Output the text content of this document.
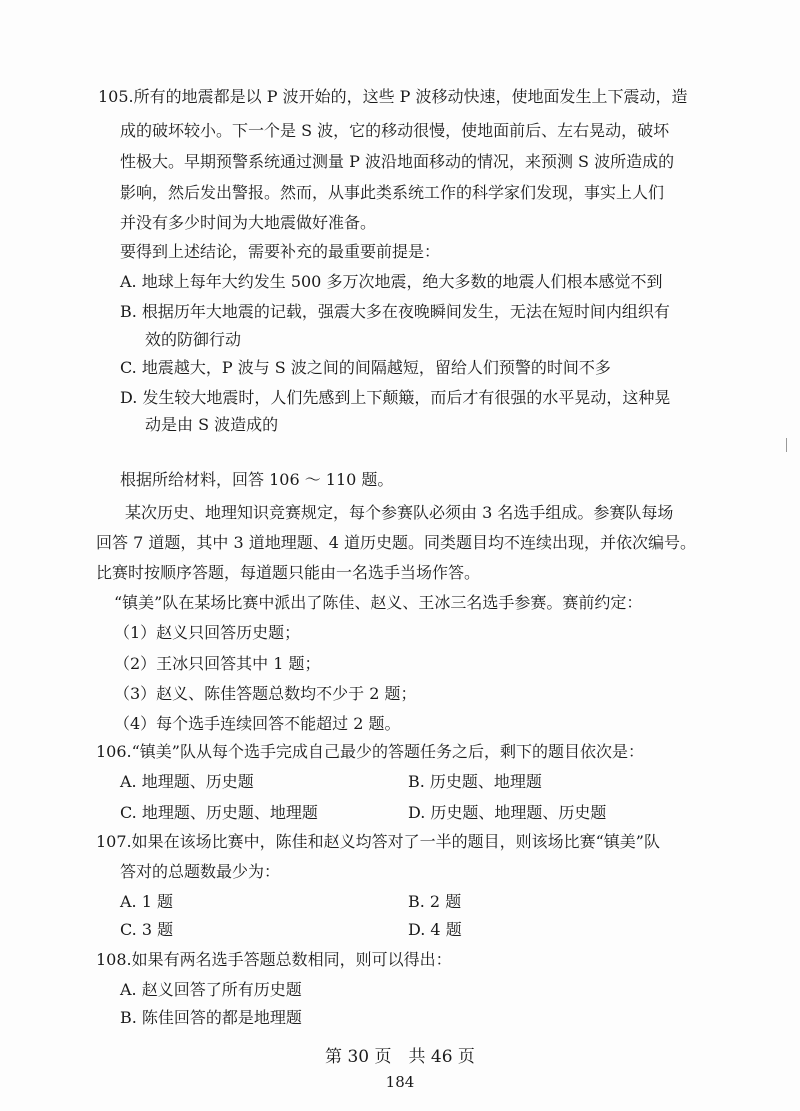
105.所有的地震都是以 P 波开始的，这些 P 波移动快速，使地面发生上下震动，造
成的破坏较小。下一个是 S 波，它的移动很慢，使地面前后、左右晃动，破坏
性极大。早期预警系统通过测量 P 波沿地面移动的情况，来预测 S 波所造成的
影响，然后发出警报。然而，从事此类系统工作的科学家们发现，事实上人们
并没有多少时间为大地震做好准备。
要得到上述结论，需要补充的最重要前提是：
A. 地球上每年大约发生 500 多万次地震，绝大多数的地震人们根本感觉不到
B. 根据历年大地震的记载，强震大多在夜晚瞬间发生，无法在短时间内组织有
效的防御行动
C. 地震越大，P 波与 S 波之间的间隔越短，留给人们预警的时间不多
D. 发生较大地震时，人们先感到上下颠簸，而后才有很强的水平晃动，这种晃
动是由 S 波造成的
根据所给材料，回答 106 ～ 110 题。
某次历史、地理知识竞赛规定，每个参赛队必须由 3 名选手组成。参赛队每场
回答 7 道题，其中 3 道地理题、4 道历史题。同类题目均不连续出现，并依次编号。
比赛时按顺序答题，每道题只能由一名选手当场作答。
“镇美”队在某场比赛中派出了陈佳、赵义、王冰三名选手参赛。赛前约定：
（1）赵义只回答历史题；
（2）王冰只回答其中 1 题；
（3）赵义、陈佳答题总数均不少于 2 题；
（4）每个选手连续回答不能超过 2 题。
106.“镇美”队从每个选手完成自己最少的答题任务之后，剩下的题目依次是：
A. 地理题、历史题	B. 历史题、地理题
C. 地理题、历史题、地理题	D. 历史题、地理题、历史题
107.如果在该场比赛中，陈佳和赵义均答对了一半的题目，则该场比赛“镇美”队
答对的总题数最少为：
A. 1 题	B. 2 题
C. 3 题	D. 4 题
108.如果有两名选手答题总数相同，则可以得出：
A. 赵义回答了所有历史题
B. 陈佳回答的都是地理题
第 30 页　共 46 页
184
